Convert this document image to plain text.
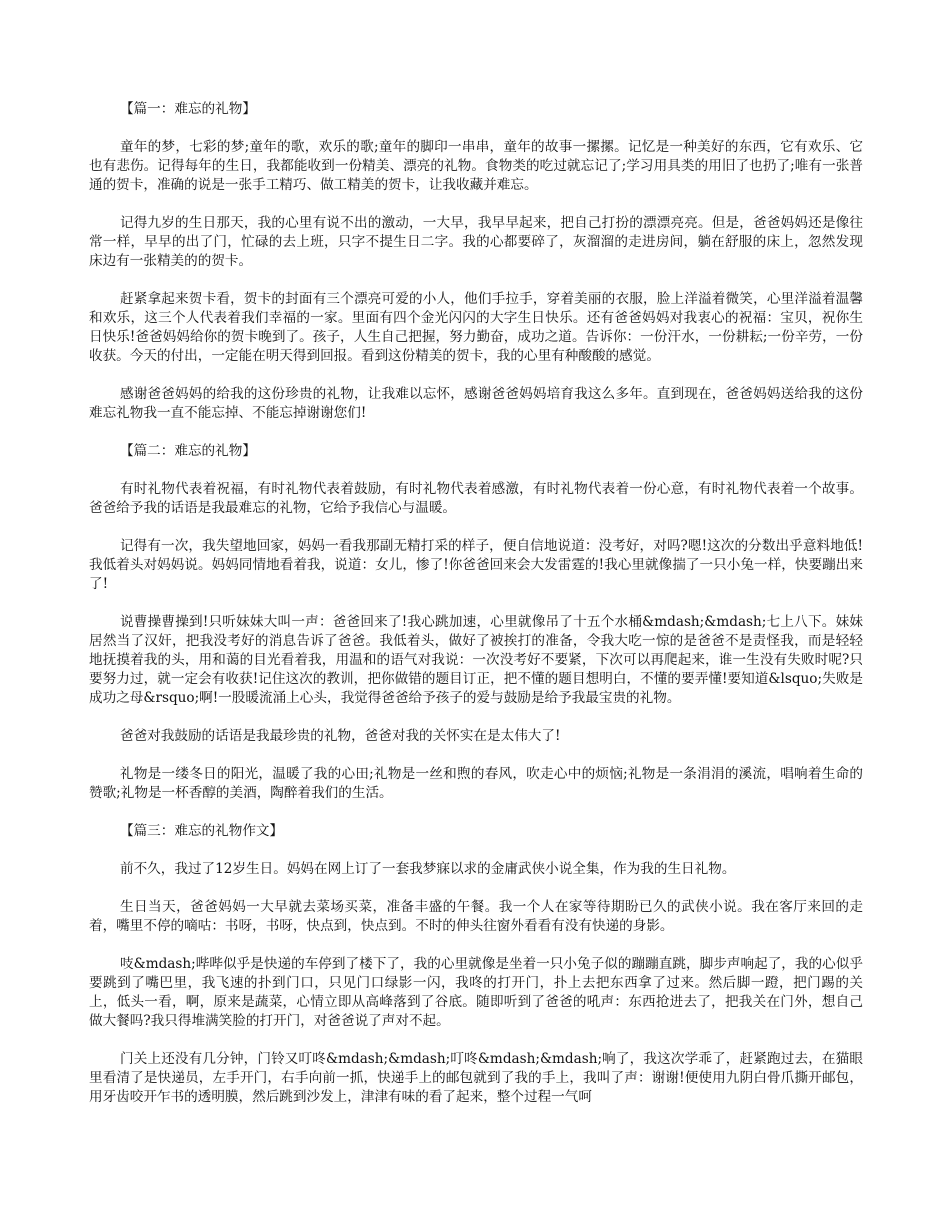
【篇一：难忘的礼物】

童年的梦，七彩的梦;童年的歌，欢乐的歌;童年的脚印一串串，童年的故事一摞摞。记忆是一种美好的东西，它有欢乐、它也有悲伤。记得每年的生日，我都能收到一份精美、漂亮的礼物。食物类的吃过就忘记了;学习用具类的用旧了也扔了;唯有一张普通的贺卡，准确的说是一张手工精巧、做工精美的贺卡，让我收藏并难忘。

记得九岁的生日那天，我的心里有说不出的激动，一大早，我早早起来，把自己打扮的漂漂亮亮。但是，爸爸妈妈还是像往常一样，早早的出了门，忙碌的去上班，只字不提生日二字。我的心都要碎了，灰溜溜的走进房间，躺在舒服的床上，忽然发现床边有一张精美的的贺卡。

赶紧拿起来贺卡看，贺卡的封面有三个漂亮可爱的小人，他们手拉手，穿着美丽的衣服，脸上洋溢着微笑，心里洋溢着温馨和欢乐，这三个人代表着我们幸福的一家。里面有四个金光闪闪的大字生日快乐。还有爸爸妈妈对我衷心的祝福：宝贝，祝你生日快乐!爸爸妈妈给你的贺卡晚到了。孩子，人生自己把握，努力勤奋，成功之道。告诉你：一份汗水，一份耕耘;一份辛劳，一份收获。今天的付出，一定能在明天得到回报。看到这份精美的贺卡，我的心里有种酸酸的感觉。

感谢爸爸妈妈的给我的这份珍贵的礼物，让我难以忘怀，感谢爸爸妈妈培育我这么多年。直到现在，爸爸妈妈送给我的这份难忘礼物我一直不能忘掉、不能忘掉谢谢您们!

【篇二：难忘的礼物】

有时礼物代表着祝福，有时礼物代表着鼓励，有时礼物代表着感激，有时礼物代表着一份心意，有时礼物代表着一个故事。爸爸给予我的话语是我最难忘的礼物，它给予我信心与温暖。

记得有一次，我失望地回家，妈妈一看我那副无精打采的样子，便自信地说道：没考好，对吗?嗯!这次的分数出乎意料地低!我低着头对妈妈说。妈妈同情地看着我，说道：女儿，惨了!你爸爸回来会大发雷霆的!我心里就像揣了一只小兔一样，快要蹦出来了!

说曹操曹操到!只听妹妹大叫一声：爸爸回来了!我心跳加速，心里就像吊了十五个水桶&mdash;&mdash;七上八下。妹妹居然当了汉奸，把我没考好的消息告诉了爸爸。我低着头，做好了被挨打的准备，令我大吃一惊的是爸爸不是责怪我，而是轻轻地抚摸着我的头，用和蔼的目光看着我，用温和的语气对我说：一次没考好不要紧，下次可以再爬起来，谁一生没有失败时呢?只要努力过，就一定会有收获!记住这次的教训，把你做错的题目订正，把不懂的题目想明白，不懂的要弄懂!要知道&lsquo;失败是成功之母&rsquo;啊!一股暖流涌上心头，我觉得爸爸给予孩子的爱与鼓励是给予我最宝贵的礼物。

爸爸对我鼓励的话语是我最珍贵的礼物，爸爸对我的关怀实在是太伟大了!

礼物是一缕冬日的阳光，温暖了我的心田;礼物是一丝和煦的春风，吹走心中的烦恼;礼物是一条涓涓的溪流，唱响着生命的赞歌;礼物是一杯香醇的美酒，陶醉着我们的生活。

【篇三：难忘的礼物作文】

前不久，我过了12岁生日。妈妈在网上订了一套我梦寐以求的金庸武侠小说全集，作为我的生日礼物。

生日当天，爸爸妈妈一大早就去菜场买菜，准备丰盛的午餐。我一个人在家等待期盼已久的武侠小说。我在客厅来回的走着，嘴里不停的嘀咕：书呀，书呀，快点到，快点到。不时的伸头往窗外看看有没有快递的身影。

吱&mdash;哔哔似乎是快递的车停到了楼下了，我的心里就像是坐着一只小兔子似的蹦蹦直跳，脚步声响起了，我的心似乎要跳到了嘴巴里，我飞速的扑到门口，只见门口绿影一闪，我咚的打开门，扑上去把东西拿了过来。然后脚一蹬，把门踢的关上，低头一看，啊，原来是蔬菜，心情立即从高峰落到了谷底。随即听到了爸爸的吼声：东西抢进去了，把我关在门外，想自己做大餐吗?我只得堆满笑脸的打开门，对爸爸说了声对不起。

门关上还没有几分钟，门铃又叮咚&mdash;&mdash;叮咚&mdash;&mdash;响了，我这次学乖了，赶紧跑过去，在猫眼里看清了是快递员，左手开门，右手向前一抓，快递手上的邮包就到了我的手上，我叫了声：谢谢!便使用九阴白骨爪撕开邮包，用牙齿咬开乍书的透明膜，然后跳到沙发上，津津有味的看了起来，整个过程一气呵
